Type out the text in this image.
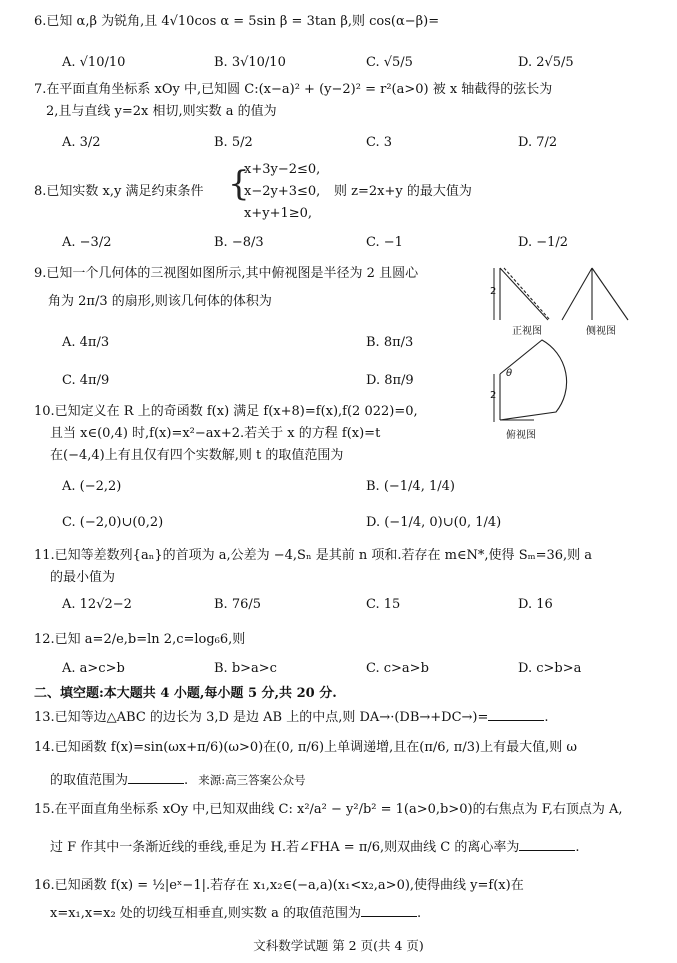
6.已知 α,β 为锐角,且 4√10cos α = 5sin β = 3tan β,则 cos(α−β)=
A. √10/10	B. 3√10/10	C. √5/5	D. 2√5/5
7.在平面直角坐标系 xOy 中,已知圆 C:(x−a)² + (y−2)² = r²(a>0) 被 x 轴截得的弦长为
2,且与直线 y=2x 相切,则实数 a 的值为
A. 3/2	B. 5/2	C. 3	D. 7/2
8.已知实数 x,y 满足约束条件 {
x+3y−2≤0,
x−2y+3≤0,
x+y+1≥0,
则 z=2x+y 的最大值为
A. −3/2	B. −8/3	C. −1	D. −1/2
9.已知一个几何体的三视图如图所示,其中俯视图是半径为 2 且圆心
角为 2π/3 的扇形,则该几何体的体积为
A. 4π/3	B. 8π/3
C. 4π/9	D. 8π/9
2
2
θ
正视图	侧视图
俯视图
10.已知定义在 R 上的奇函数 f(x) 满足 f(x+8)=f(x),f(2 022)=0,
且当 x∈(0,4) 时,f(x)=x²−ax+2.若关于 x 的方程 f(x)=t
在(−4,4)上有且仅有四个实数解,则 t 的取值范围为
A. (−2,2)	B. (−1/4, 1/4)
C. (−2,0)∪(0,2)	D. (−1/4, 0)∪(0, 1/4)
11.已知等差数列{aₙ}的首项为 a,公差为 −4,Sₙ 是其前 n 项和.若存在 m∈N*,使得 Sₘ=36,则 a
的最小值为
A. 12√2−2	B. 76/5	C. 15	D. 16
12.已知 a=2/e,b=ln 2,c=log₆6,则
A. a>c>b	B. b>a>c	C. c>a>b	D. c>b>a
二、填空题:本大题共 4 小题,每小题 5 分,共 20 分.
13.已知等边△ABC 的边长为 3,D 是边 AB 上的中点,则 DA→·(DB→+DC→)=	.
14.已知函数 f(x)=sin(ωx+π/6)(ω>0)在(0, π/6)上单调递增,且在(π/6, π/3)上有最大值,则 ω
的取值范围为	. 来源:高三答案公众号
15.在平面直角坐标系 xOy 中,已知双曲线 C: x²/a² − y²/b² = 1(a>0,b>0)的右焦点为 F,右顶点为 A,
过 F 作其中一条渐近线的垂线,垂足为 H.若∠FHA = π/6,则双曲线 C 的离心率为	.
16.已知函数 f(x) = ½|eˣ−1|.若存在 x₁,x₂∈(−a,a)(x₁<x₂,a>0),使得曲线 y=f(x)在
x=x₁,x=x₂ 处的切线互相垂直,则实数 a 的取值范围为	.
文科数学试题 第 2 页(共 4 页)
